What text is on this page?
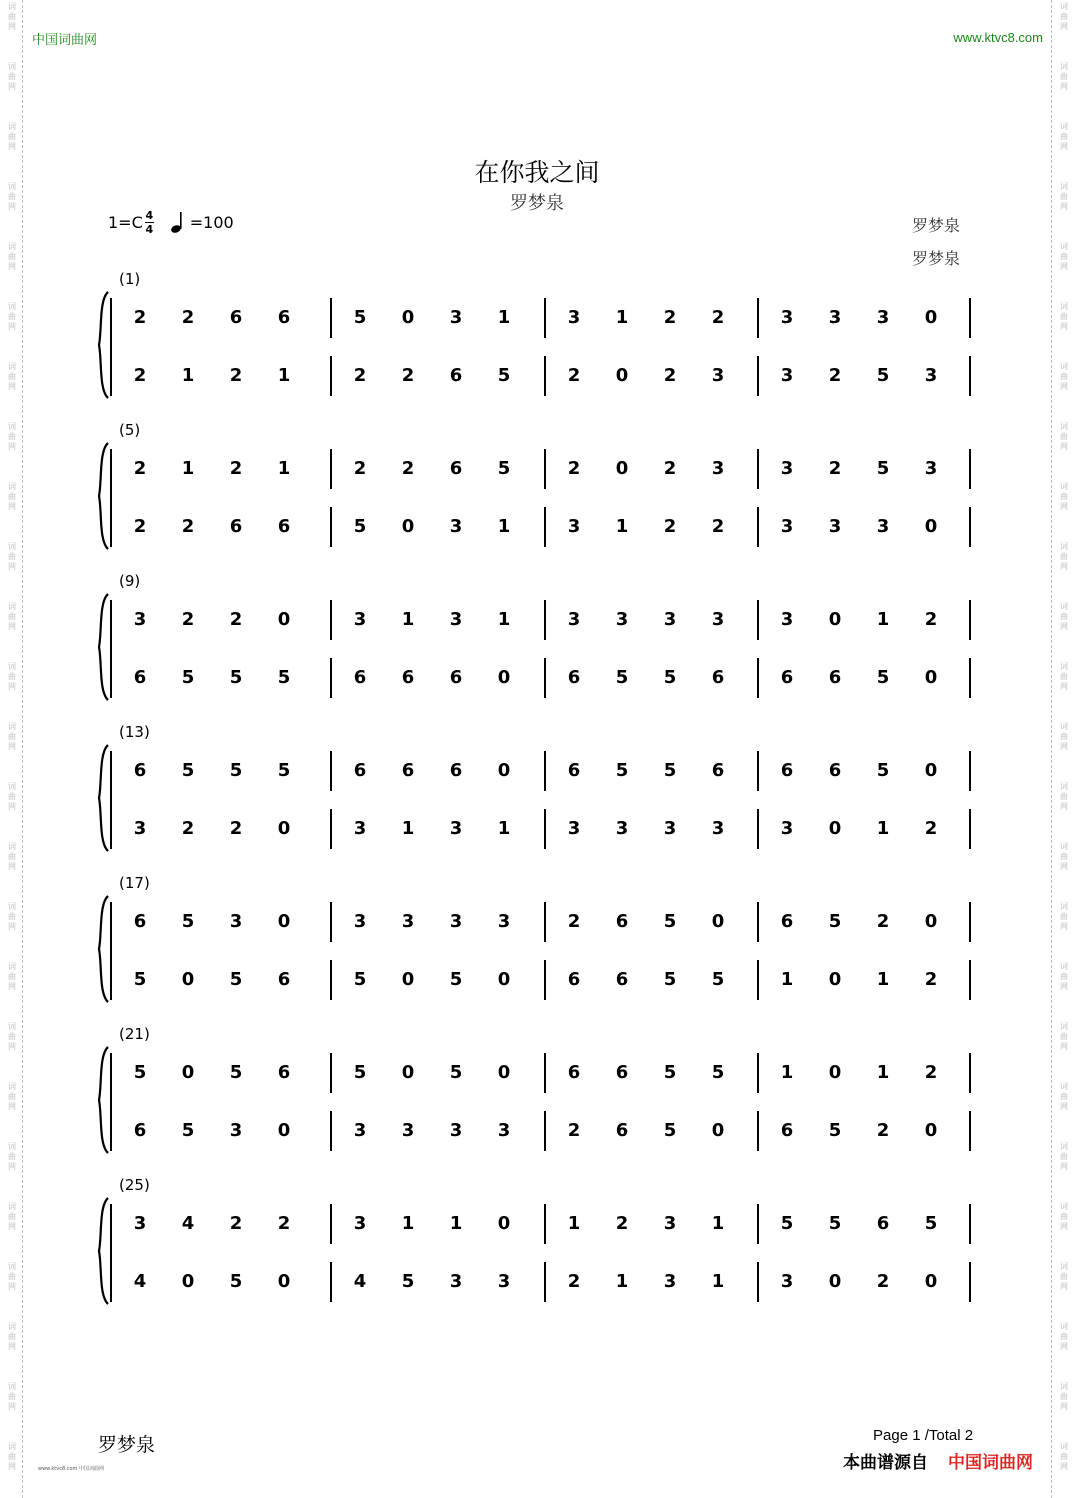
中国词曲网	www.ktvc8.com
在你我之间
罗梦泉
$1=C \frac{4}{4} =100$	罗梦泉
罗梦泉
(1)
2 2 6 6	5 0 3 1	3 1 2 2	3 3 3 0
2 1 2 1	2 2 6 5	2 0 2 3	3 2 5 3
(5)
2 1 2 1	2 2 6 5	2 0 2 3	3 2 5 3
2 2 6 6	5 0 3 1	3 1 2 2	3 3 3 0
(9)
3 2 2 0	3 1 3 1	3 3 3 3	3 0 1 2
6 5 5 5	6 6 6 0	6 5 5 6	6 6 5 0
(13)
6 5 5 5	6 6 6 0	6 5 5 6	6 6 5 0
3 2 2 0	3 1 3 1	3 3 3 3	3 0 1 2
(17)
6 5 3 0	3 3 3 3	2 6 5 0	6 5 2 0
5 0 5 6	5 0 5 0	6 6 5 5	1 0 1 2
(21)
5 0 5 6	5 0 5 0	6 6 5 5	1 0 1 2
6 5 3 0	3 3 3 3	2 6 5 0	6 5 2 0
(25)
3 4 2 2	3 1 1 0	1 2 3 1	5 5 6 5
4 0 5 0	4 5 3 3	2 1 3 1	3 0 2 0
罗梦泉
www.ktvc8.com 中国词曲网
Page 1 /Total 2
本曲谱源自 中国词曲网
词
曲
网
词
曲
网
词
曲
网
词
曲
网
词
曲
网
词
曲
网
词
曲
网
词
曲
网
词
曲
网
词
曲
网
词
曲
网
词
曲
网
词
曲
网
词
曲
网
词
曲
网
词
曲
网
词
曲
网
词
曲
网
词
曲
网
词
曲
网
词
曲
网
词
曲
网
词
曲
网
词
曲
网
词
曲
网
词
曲
网
词
曲
网
词
曲
网
词
曲
网
词
曲
网
词
曲
网
词
曲
网
词
曲
网
词
曲
网
词
曲
网
词
曲
网
词
曲
网
词
曲
网
词
曲
网
词
曲
网
词
曲
网
词
曲
网
词
曲
网
词
曲
网
词
曲
网
词
曲
网
词
曲
网
词
曲
网
词
曲
网
词
曲
网
